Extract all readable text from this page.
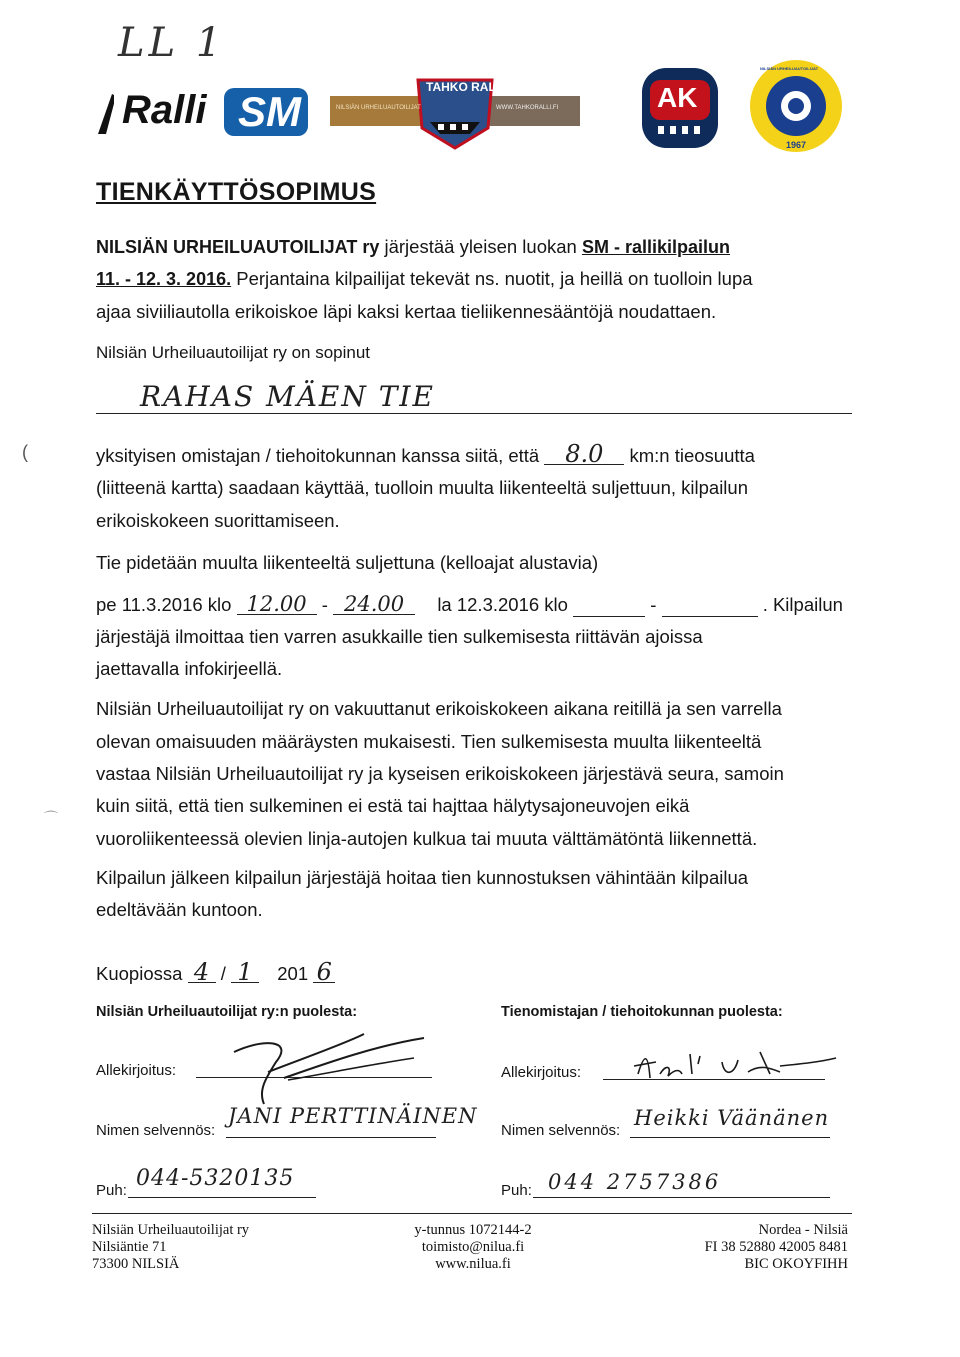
LL 1
Ralli SM
TAHKO RALLI
NILSIÄN URHEILUAUTOILIJAT	WWW.TAHKORALLI.FI	AK
NILSIÄN URHEILUAUTOILIJAT
1967
TIENKÄYTTÖSOPIMUS
NILSIÄN URHEILUAUTOILIJAT ry järjestää yleisen luokan SM - rallikilpailun
11. - 12. 3. 2016. Perjantaina kilpailijat tekevät ns. nuotit, ja heillä on tuolloin lupa
ajaa siviiliautolla erikoiskoe läpi kaksi kertaa tieliikennesääntöjä noudattaen.
Nilsiän Urheiluautoilijat ry on sopinut
RAHAS MÄEN TIE
(	yksityisen omistajan / tiehoitokunnan kanssa siitä, että 8.0 km:n tieosuutta
(liitteenä kartta) saadaan käyttää, tuolloin muulta liikenteeltä suljettuun, kilpailun
erikoiskokeen suorittamiseen.
Tie pidetään muulta liikenteeltä suljettuna (kelloajat alustavia)
pe 11.3.2016 klo 12.00 - 24.00 la 12.3.2016 klo	-	. Kilpailun
järjestäjä ilmoittaa tien varren asukkaille tien sulkemisesta riittävän ajoissa
jaettavalla infokirjeellä.
Nilsiän Urheiluautoilijat ry on vakuuttanut erikoiskokeen aikana reitillä ja sen varrella
olevan omaisuuden määräysten mukaisesti. Tien sulkemisesta muulta liikenteeltä
vastaa Nilsiän Urheiluautoilijat ry ja kyseisen erikoiskokeen järjestävä seura, samoin
kuin siitä, että tien sulkeminen ei estä tai hajttaa hälytysajoneuvojen eikä
vuoroliikenteessä olevien linja-autojen kulkua tai muuta välttämätöntä liikennettä.
⌒
Kilpailun jälkeen kilpailun järjestäjä hoitaa tien kunnostuksen vähintään kilpailua
edeltävään kuntoon.
Kuopiossa 4 / 1 201 6
Nilsiän Urheiluautoilijat ry:n puolesta:	Tienomistajan / tiehoitokunnan puolesta:
Allekirjoitus:
Nimen selvennös:
JANI PERTTINÄINEN
Puh: 044-5320135
Allekirjoitus:
Nimen selvennös:
Heikki Väänänen
Puh: 044 2757386
Nilsiän Urheiluautoilijat ry
Nilsiäntie 71
73300 NILSIÄ
y-tunnus 1072144-2
toimisto@nilua.fi
www.nilua.fi
Nordea - Nilsiä
FI 38 52880 42005 8481
BIC OKOYFIHH
